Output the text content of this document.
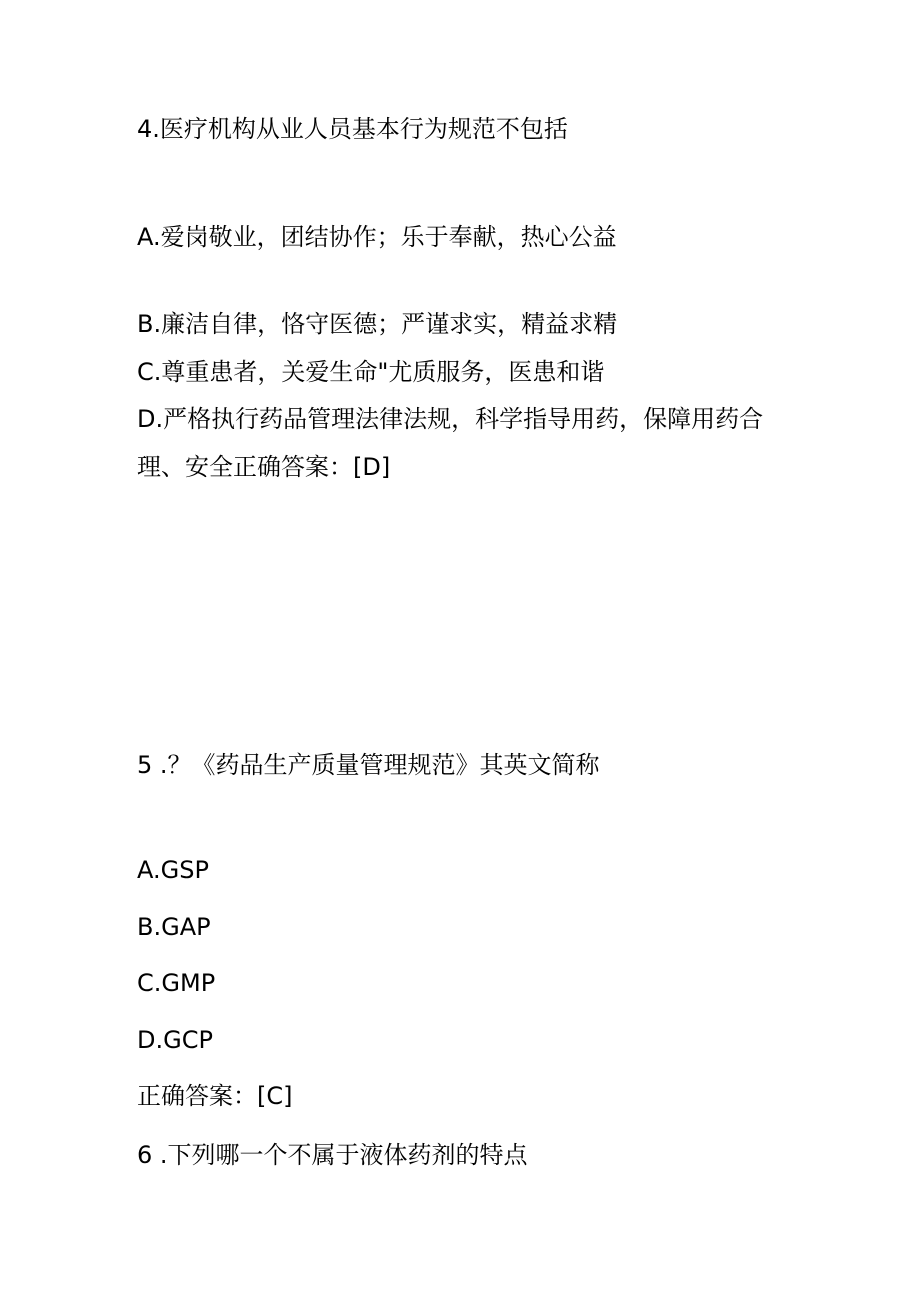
4.医疗机构从业人员基本行为规范不包括
A.爱岗敬业，团结协作；乐于奉献，热心公益
B.廉洁自律，恪守医德；严谨求实，精益求精
C.尊重患者，关爱生命"尤质服务，医患和谐
D.严格执行药品管理法律法规，科学指导用药，保障用药合
理、安全正确答案：[D]
5 .？《药品生产质量管理规范》其英文简称
A.GSP
B.GAP
C.GMP
D.GCP
正确答案：[C]
6 .下列哪一个不属于液体药剂的特点
